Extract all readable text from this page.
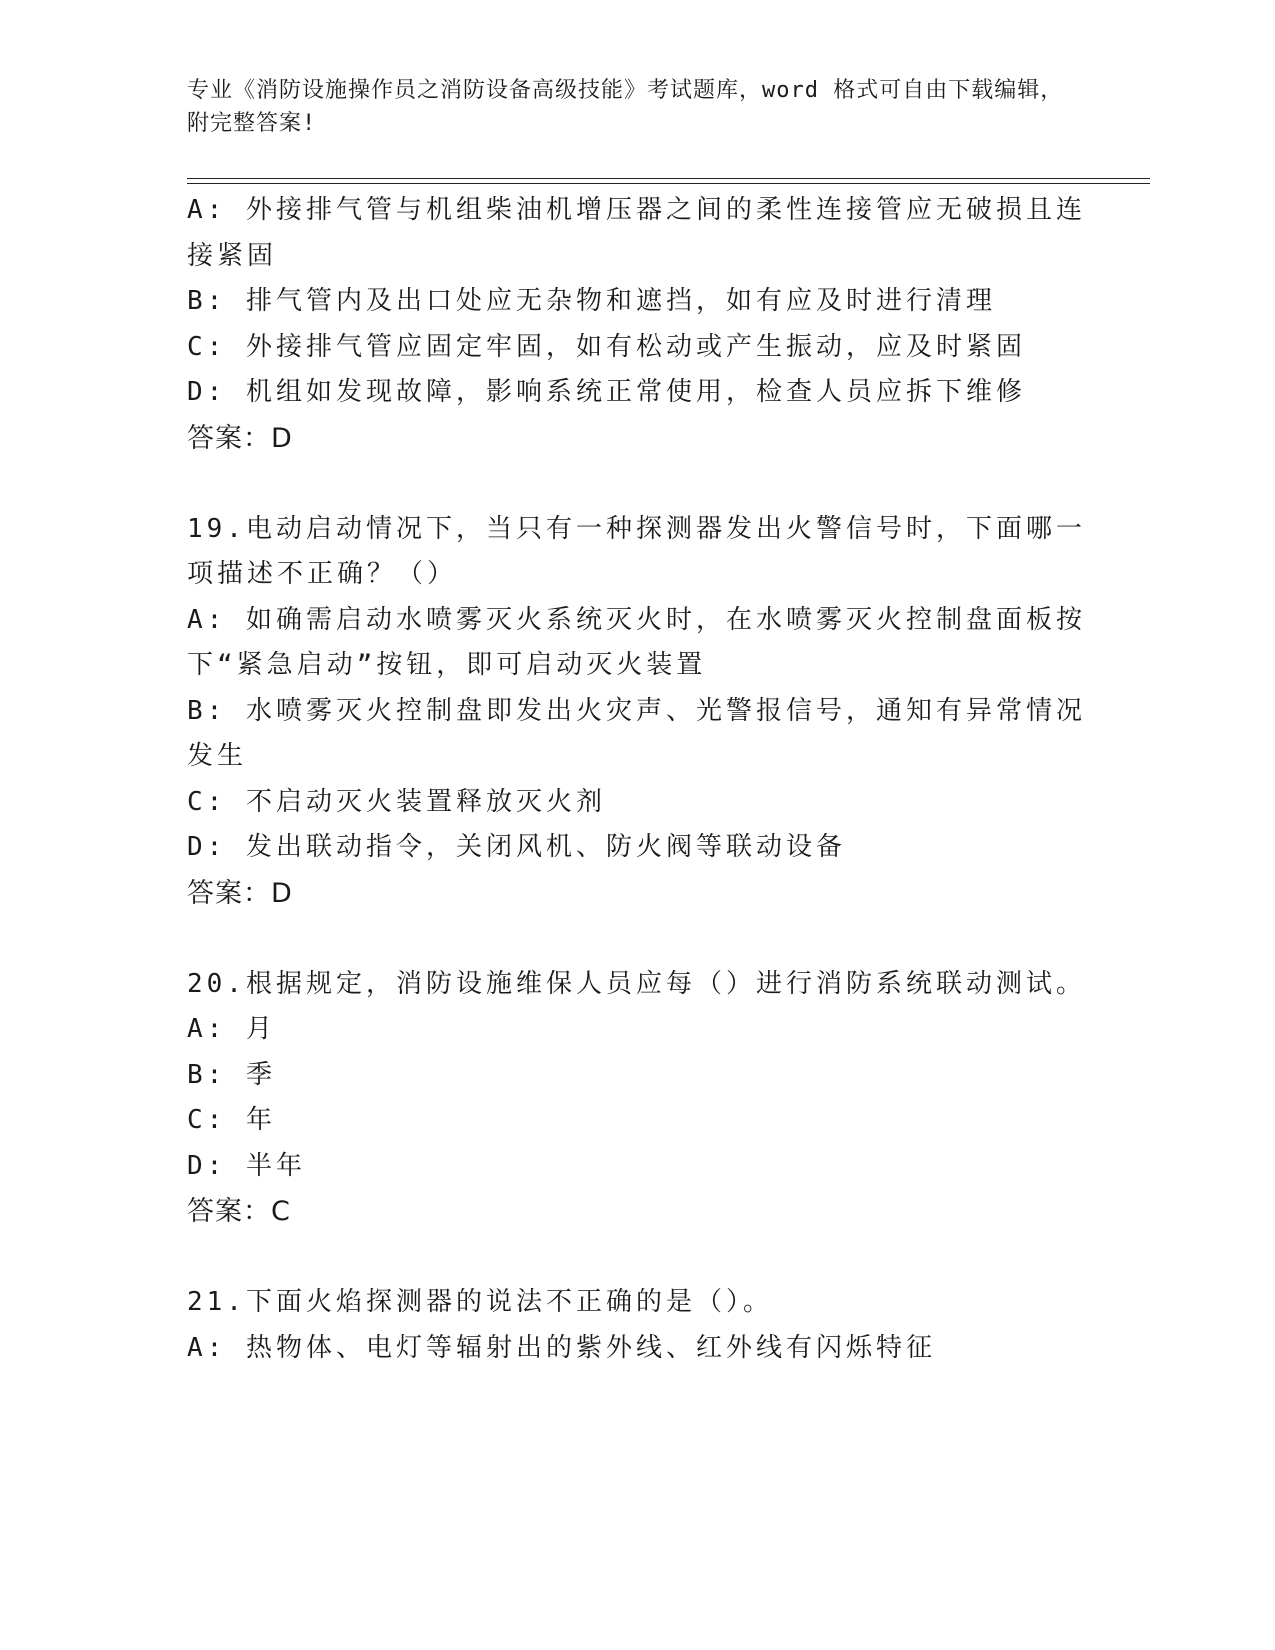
专业《消防设施操作员之消防设备高级技能》考试题库，word 格式可自由下载编辑，附完整答案!
A: 外接排气管与机组柴油机增压器之间的柔性连接管应无破损且连接紧固
B: 排气管内及出口处应无杂物和遮挡，如有应及时进行清理
C: 外接排气管应固定牢固，如有松动或产生振动，应及时紧固
D: 机组如发现故障，影响系统正常使用，检查人员应拆下维修
答案：D
19.电动启动情况下，当只有一种探测器发出火警信号时，下面哪一项描述不正确？（）
A: 如确需启动水喷雾灭火系统灭火时，在水喷雾灭火控制盘面板按下“紧急启动”按钮，即可启动灭火装置
B: 水喷雾灭火控制盘即发出火灾声、光警报信号，通知有异常情况发生
C: 不启动灭火装置释放灭火剂
D: 发出联动指令，关闭风机、防火阀等联动设备
答案：D
20.根据规定，消防设施维保人员应每（）进行消防系统联动测试。
A: 月
B: 季
C: 年
D: 半年
答案：C
21.下面火焰探测器的说法不正确的是（）。
A: 热物体、电灯等辐射出的紫外线、红外线有闪烁特征
